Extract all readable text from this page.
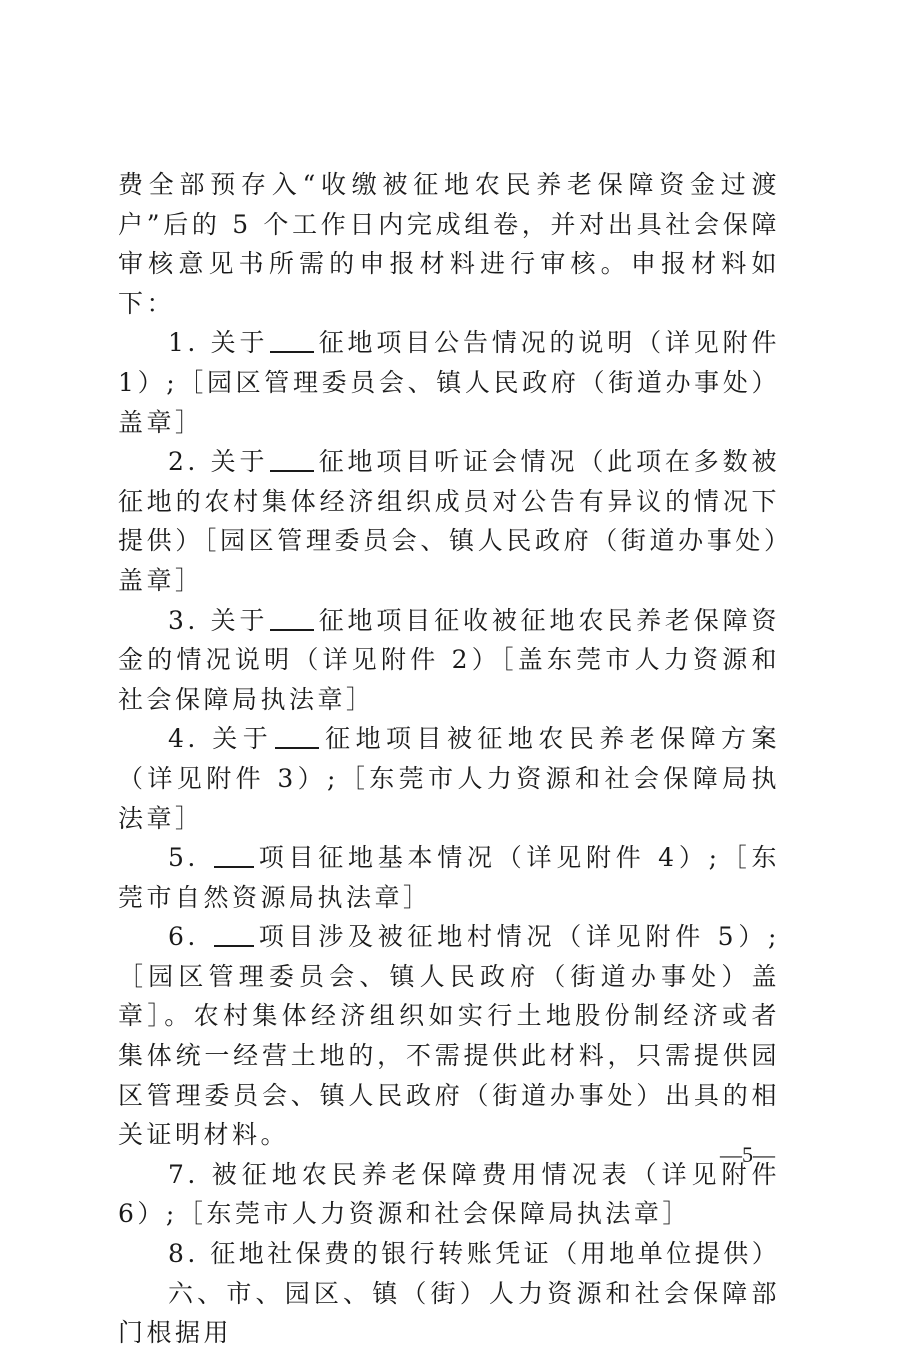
费全部预存入“收缴被征地农民养老保障资金过渡户”后的 5 个工作日内完成组卷，并对出具社会保障审核意见书所需的申报材料进行审核。申报材料如下：

1. 关于 征地项目公告情况的说明（详见附件 1）;［园区管理委员会、镇人民政府（街道办事处）盖章］

2. 关于 征地项目听证会情况（此项在多数被征地的农村集体经济组织成员对公告有异议的情况下提供）［园区管理委员会、镇人民政府（街道办事处）盖章］

3. 关于 征地项目征收被征地农民养老保障资金的情况说明（详见附件 2）［盖东莞市人力资源和社会保障局执法章］

4. 关于 征地项目被征地农民养老保障方案（详见附件 3）;［东莞市人力资源和社会保障局执法章］

5. 项目征地基本情况（详见附件 4）;［东莞市自然资源局执法章］

6. 项目涉及被征地村情况（详见附件 5）;［园区管理委员会、镇人民政府（街道办事处）盖章］。农村集体经济组织如实行土地股份制经济或者集体统一经营土地的，不需提供此材料，只需提供园区管理委员会、镇人民政府（街道办事处）出具的相关证明材料。

7. 被征地农民养老保障费用情况表（详见附件 6）;［东莞市人力资源和社会保障局执法章］

8. 征地社保费的银行转账凭证（用地单位提供）

六、市、园区、镇（街）人力资源和社会保障部门根据用

—5—
